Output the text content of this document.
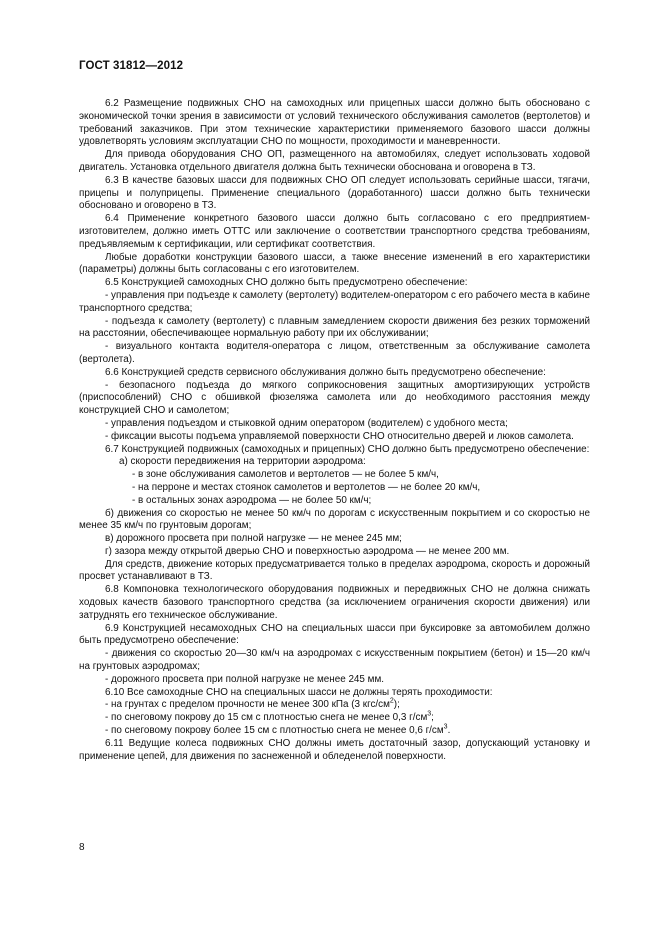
ГОСТ 31812—2012

6.2 Размещение подвижных СНО на самоходных или прицепных шасси должно быть обосновано с экономической точки зрения в зависимости от условий технического обслуживания самолетов (вертолетов) и требований заказчиков. При этом технические характеристики применяемого базового шасси должны удовлетворять условиям эксплуатации СНО по мощности, проходимости и маневренности.

Для привода оборудования СНО ОП, размещенного на автомобилях, следует использовать ходовой двигатель. Установка отдельного двигателя должна быть технически обоснована и оговорена в ТЗ.

6.3 В качестве базовых шасси для подвижных СНО ОП следует использовать серийные шасси, тягачи, прицепы и полуприцепы. Применение специального (доработанного) шасси должно быть технически обосновано и оговорено в ТЗ.

6.4 Применение конкретного базового шасси должно быть согласовано с его предприятием-изготовителем, должно иметь ОТТС или заключение о соответствии транспортного средства требованиям, предъявляемым к сертификации, или сертификат соответствия.

Любые доработки конструкции базового шасси, а также внесение изменений в его характеристики (параметры) должны быть согласованы с его изготовителем.

6.5 Конструкцией самоходных СНО должно быть предусмотрено обеспечение:

- управления при подъезде к самолету (вертолету) водителем-оператором с его рабочего места в кабине транспортного средства;

- подъезда к самолету (вертолету) с плавным замедлением скорости движения без резких торможений на расстоянии, обеспечивающее нормальную работу при их обслуживании;

- визуального контакта водителя-оператора с лицом, ответственным за обслуживание самолета (вертолета).

6.6 Конструкцией средств сервисного обслуживания должно быть предусмотрено обеспечение:

- безопасного подъезда до мягкого соприкосновения защитных амортизирующих устройств (приспособлений) СНО с обшивкой фюзеляжа самолета или до необходимого расстояния между конструкцией СНО и самолетом;

- управления подъездом и стыковкой одним оператором (водителем) с удобного места;

- фиксации высоты подъема управляемой поверхности СНО относительно дверей и люков самолета.

6.7 Конструкцией подвижных (самоходных и прицепных) СНО должно быть предусмотрено обеспечение:

а) скорости передвижения на территории аэродрома:

- в зоне обслуживания самолетов и вертолетов — не более 5 км/ч,

- на перроне и местах стоянок самолетов и вертолетов — не более 20 км/ч,

- в остальных зонах аэродрома — не более 50 км/ч;

б) движения со скоростью не менее 50 км/ч по дорогам с искусственным покрытием и со скоростью не менее 35 км/ч по грунтовым дорогам;

в) дорожного просвета при полной нагрузке — не менее 245 мм;

г) зазора между открытой дверью СНО и поверхностью аэродрома — не менее 200 мм.

Для средств, движение которых предусматривается только в пределах аэродрома, скорость и дорожный просвет устанавливают в ТЗ.

6.8 Компоновка технологического оборудования подвижных и передвижных СНО не должна снижать ходовых качеств базового транспортного средства (за исключением ограничения скорости движения) или затруднять его техническое обслуживание.

6.9 Конструкцией несамоходных СНО на специальных шасси при буксировке за автомобилем должно быть предусмотрено обеспечение:

- движения со скоростью 20—30 км/ч на аэродромах с искусственным покрытием (бетон) и 15—20 км/ч на грунтовых аэродромах;

- дорожного просвета при полной нагрузке не менее 245 мм.

6.10 Все самоходные СНО на специальных шасси не должны терять проходимости:

- на грунтах с пределом прочности не менее 300 кПа (3 кгс/$см^2$);

- по снеговому покрову до 15 см с плотностью снега не менее 0,3 $г/см^3$;

- по снеговому покрову более 15 см с плотностью снега не менее 0,6 $г/см^3$.

6.11 Ведущие колеса подвижных СНО должны иметь достаточный зазор, допускающий установку и применение цепей, для движения по заснеженной и обледенелой поверхности.

8
